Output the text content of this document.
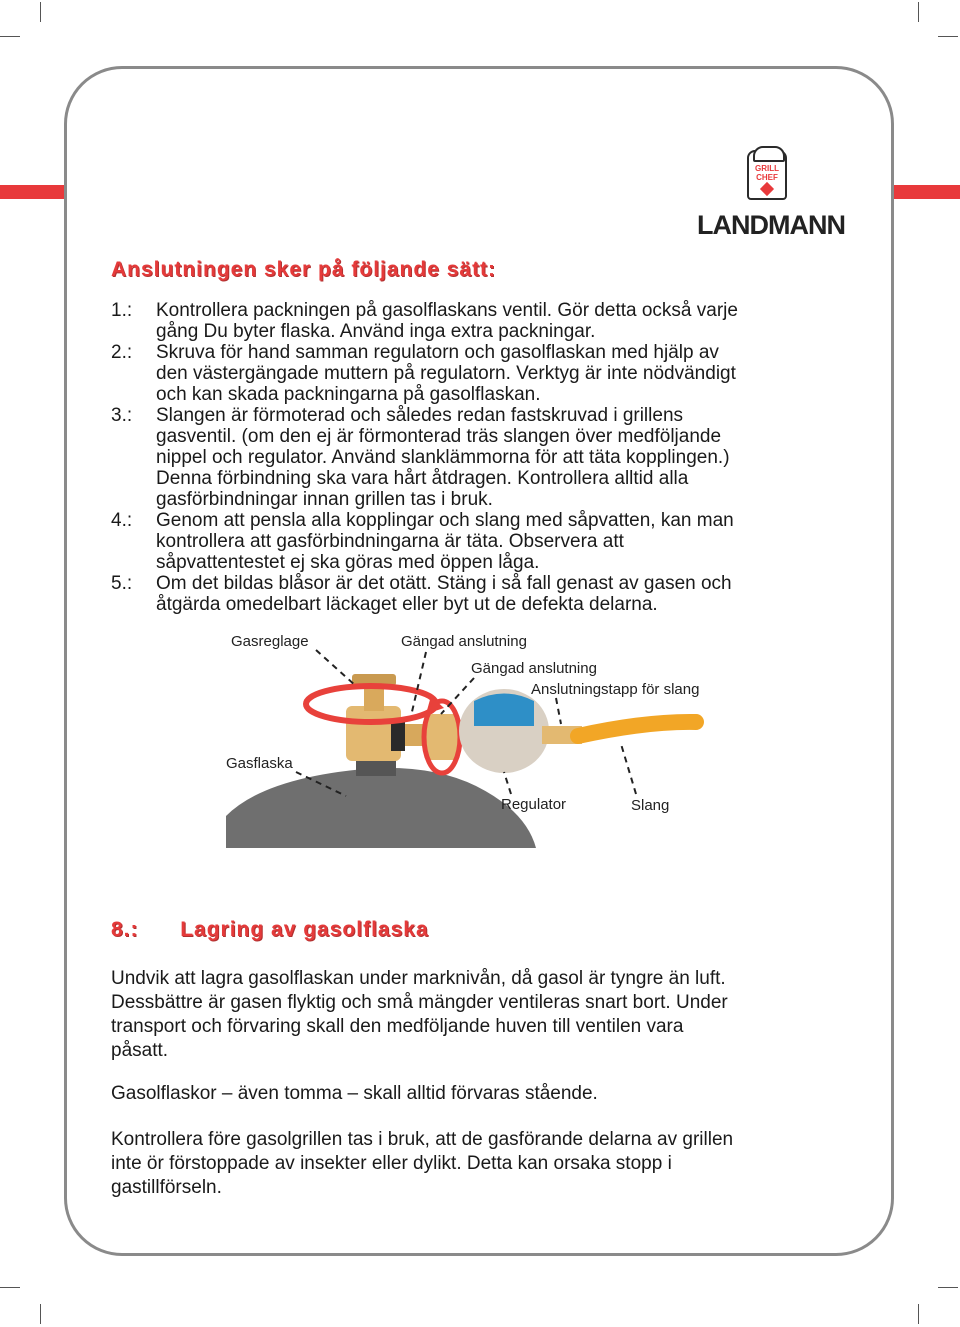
GRILL CHEF
LANDMANN
Anslutningen sker på följande sätt:
1.:	Kontrollera packningen på gasolflaskans ventil. Gör detta också varje
gång Du byter flaska. Använd inga extra packningar.
2.:	Skruva för hand samman regulatorn och gasolflaskan med hjälp av
den västergängade muttern på regulatorn. Verktyg är inte nödvändigt
och kan skada packningarna på gasolflaskan.
3.:	Slangen är förmoterad och således redan fastskruvad i grillens
gasventil. (om den ej är förmonterad träs slangen över medföljande
nippel och regulator. Använd slanklämmorna för att täta kopplingen.)
Denna förbindning ska vara hårt åtdragen. Kontrollera alltid alla
gasförbindningar innan grillen tas i bruk.
4.:	Genom att pensla alla kopplingar och slang med såpvatten, kan man
kontrollera att gasförbindningarna är täta. Observera att
såpvattentestet ej ska göras med öppen låga.
5.:	Om det bildas blåsor är det otätt. Stäng i så fall genast av gasen och
åtgärda omedelbart läckaget eller byt ut de defekta delarna.
Gasreglage	Gängad anslutning
Gängad anslutning
Anslutningstapp för slang
Gasflaska
Regulator	Slang
8.: Lagring av gasolflaska
Undvik att lagra gasolflaskan under marknivån, då gasol är tyngre än luft.
Dessbättre är gasen flyktig och små mängder ventileras snart bort. Under
transport och förvaring skall den medföljande huven till ventilen vara
påsatt.
Gasolflaskor – även tomma – skall alltid förvaras stående.
Kontrollera före gasolgrillen tas i bruk, att de gasförande delarna av grillen
inte ör förstoppade av insekter eller dylikt. Detta kan orsaka stopp i
gastillförseln.
